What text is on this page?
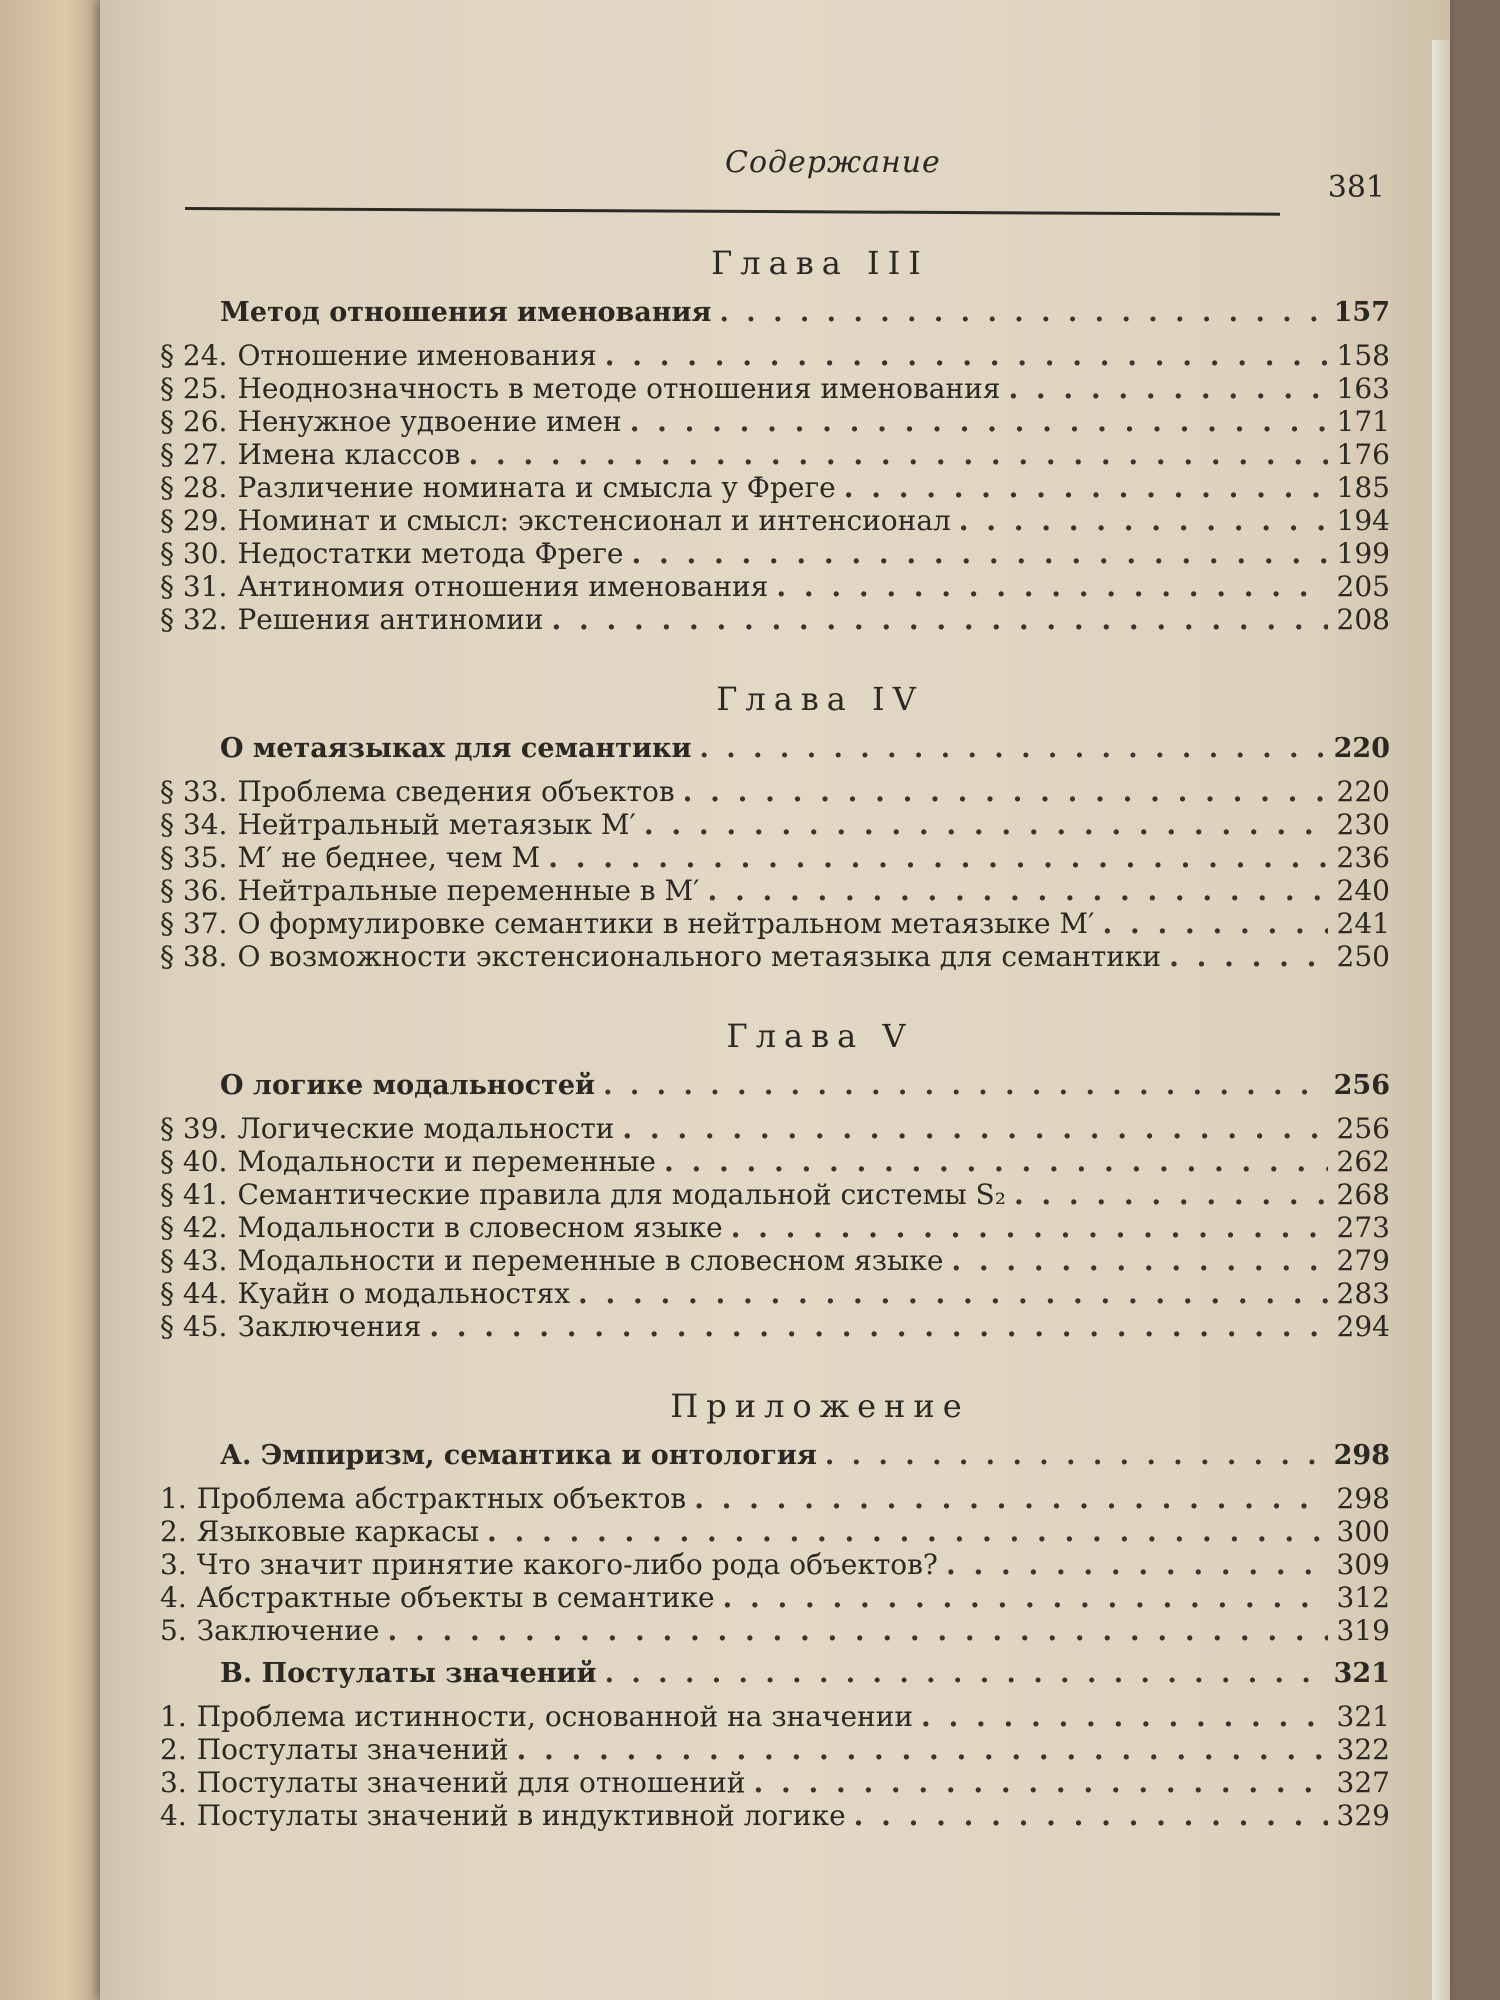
Содержание
381
Глава III
Метод отношения именования . . .	157
§ 24. Отношение именования . . .	158
§ 25. Неоднозначность в методе отношения именования . . .	163
§ 26. Ненужное удвоение имен . . .	171
§ 27. Имена классов . . .	176
§ 28. Различение номината и смысла у Фреге . . .	185
§ 29. Номинат и смысл: экстенсионал и интенсионал . . .	194
§ 30. Недостатки метода Фреге . . .	199
§ 31. Антиномия отношения именования . . .	205
§ 32. Решения антиномии . . .	208
Глава IV
О метаязыках для семантики . . .	220
§ 33. Проблема сведения объектов . . .	220
§ 34. Нейтральный метаязык M′ . . .	230
§ 35. M′ не беднее, чем M . . .	236
§ 36. Нейтральные переменные в M′ . . .	240
§ 37. О формулировке семантики в нейтральном метаязыке M′ . . .	241
§ 38. О возможности экстенсионального метаязыка для семантики . . .	250
Глава V
О логике модальностей . . .	256
§ 39. Логические модальности . . .	256
§ 40. Модальности и переменные . . .	262
§ 41. Семантические правила для модальной системы S₂ . . .	268
§ 42. Модальности в словесном языке . . .	273
§ 43. Модальности и переменные в словесном языке . . .	279
§ 44. Куайн о модальностях . . .	283
§ 45. Заключения . . .	294
Приложение
А. Эмпиризм, семантика и онтология . . .	298
1. Проблема абстрактных объектов . . .	298
2. Языковые каркасы . . .	300
3. Что значит принятие какого-либо рода объектов? . . .	309
4. Абстрактные объекты в семантике . . .	312
5. Заключение . . .	319
В. Постулаты значений . . .	321
1. Проблема истинности, основанной на значении . . .	321
2. Постулаты значений . . .	322
3. Постулаты значений для отношений . . .	327
4. Постулаты значений в индуктивной логике . . .	329
